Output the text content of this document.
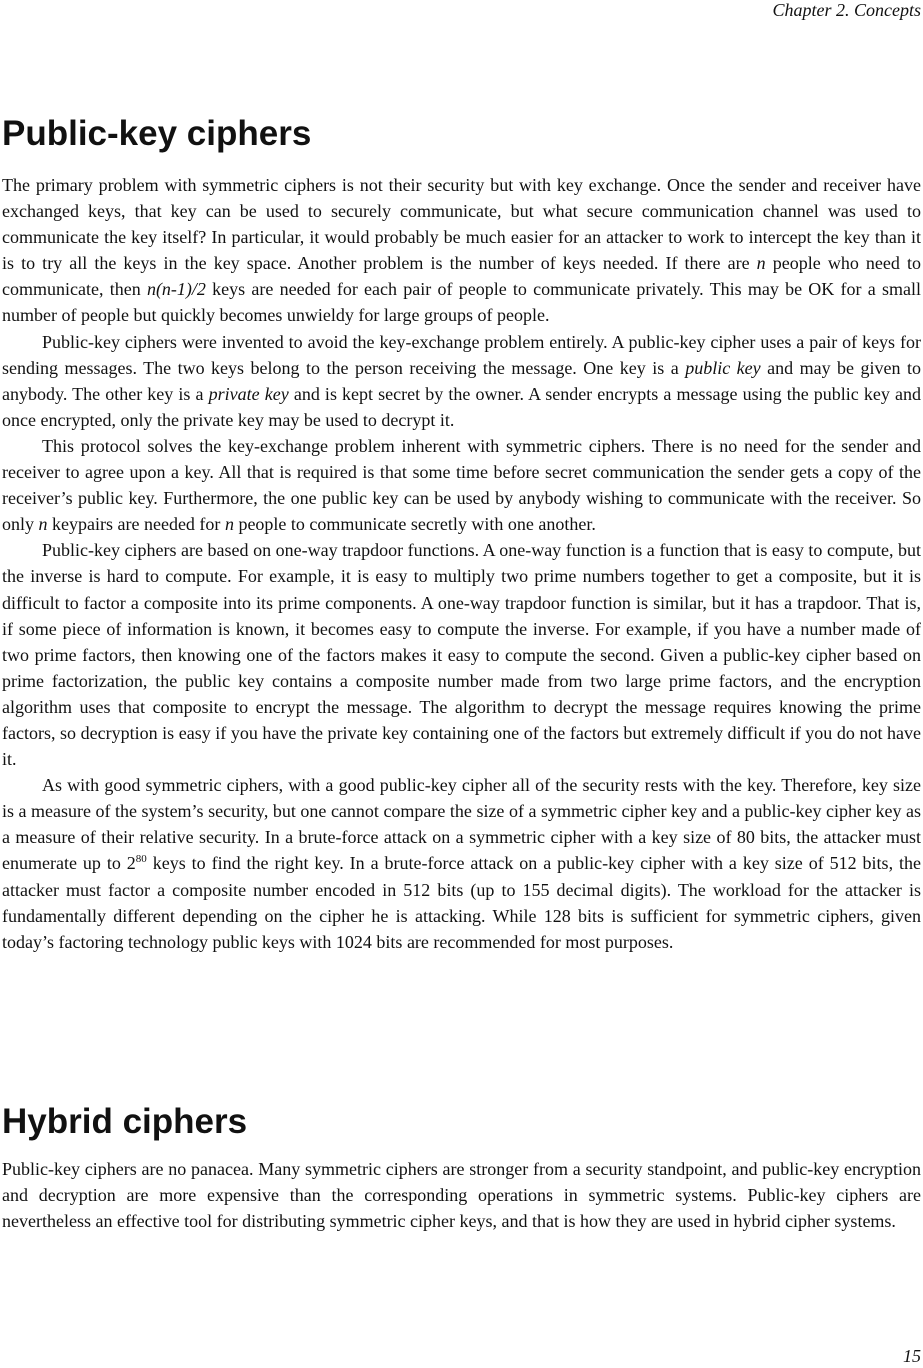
Chapter 2. Concepts
Public-key ciphers

The primary problem with symmetric ciphers is not their security but with key exchange. Once the sender and receiver have exchanged keys, that key can be used to securely communicate, but what secure communication channel was used to communicate the key itself? In particular, it would probably be much easier for an attacker to work to intercept the key than it is to try all the keys in the key space. Another problem is the number of keys needed. If there are n people who need to communicate, then n(n-1)/2 keys are needed for each pair of people to communicate privately. This may be OK for a small number of people but quickly becomes unwieldy for large groups of people.

Public-key ciphers were invented to avoid the key-exchange problem entirely. A public-key cipher uses a pair of keys for sending messages. The two keys belong to the person receiving the message. One key is a public key and may be given to anybody. The other key is a private key and is kept secret by the owner. A sender encrypts a message using the public key and once encrypted, only the private key may be used to decrypt it.

This protocol solves the key-exchange problem inherent with symmetric ciphers. There is no need for the sender and receiver to agree upon a key. All that is required is that some time before secret communication the sender gets a copy of the receiver’s public key. Furthermore, the one public key can be used by anybody wishing to communicate with the receiver. So only n keypairs are needed for n people to communicate secretly with one another.

Public-key ciphers are based on one-way trapdoor functions. A one-way function is a function that is easy to compute, but the inverse is hard to compute. For example, it is easy to multiply two prime numbers together to get a composite, but it is difficult to factor a composite into its prime components. A one-way trapdoor function is similar, but it has a trapdoor. That is, if some piece of information is known, it becomes easy to compute the inverse. For example, if you have a number made of two prime factors, then knowing one of the factors makes it easy to compute the second. Given a public-key cipher based on prime factorization, the public key contains a composite number made from two large prime factors, and the encryption algorithm uses that composite to encrypt the message. The algorithm to decrypt the message requires knowing the prime factors, so decryption is easy if you have the private key containing one of the factors but extremely difficult if you do not have it.

As with good symmetric ciphers, with a good public-key cipher all of the security rests with the key. Therefore, key size is a measure of the system’s security, but one cannot compare the size of a symmetric cipher key and a public-key cipher key as a measure of their relative security. In a brute-force attack on a symmetric cipher with a key size of 80 bits, the attacker must enumerate up to $2^{80}$ keys to find the right key. In a brute-force attack on a public-key cipher with a key size of 512 bits, the attacker must factor a composite number encoded in 512 bits (up to 155 decimal digits). The workload for the attacker is fundamentally different depending on the cipher he is attacking. While 128 bits is sufficient for symmetric ciphers, given today’s factoring technology public keys with 1024 bits are recommended for most purposes.

Hybrid ciphers

Public-key ciphers are no panacea. Many symmetric ciphers are stronger from a security standpoint, and public-key encryption and decryption are more expensive than the corresponding operations in symmetric systems. Public-key ciphers are nevertheless an effective tool for distributing symmetric cipher keys, and that is how they are used in hybrid cipher systems.

15
